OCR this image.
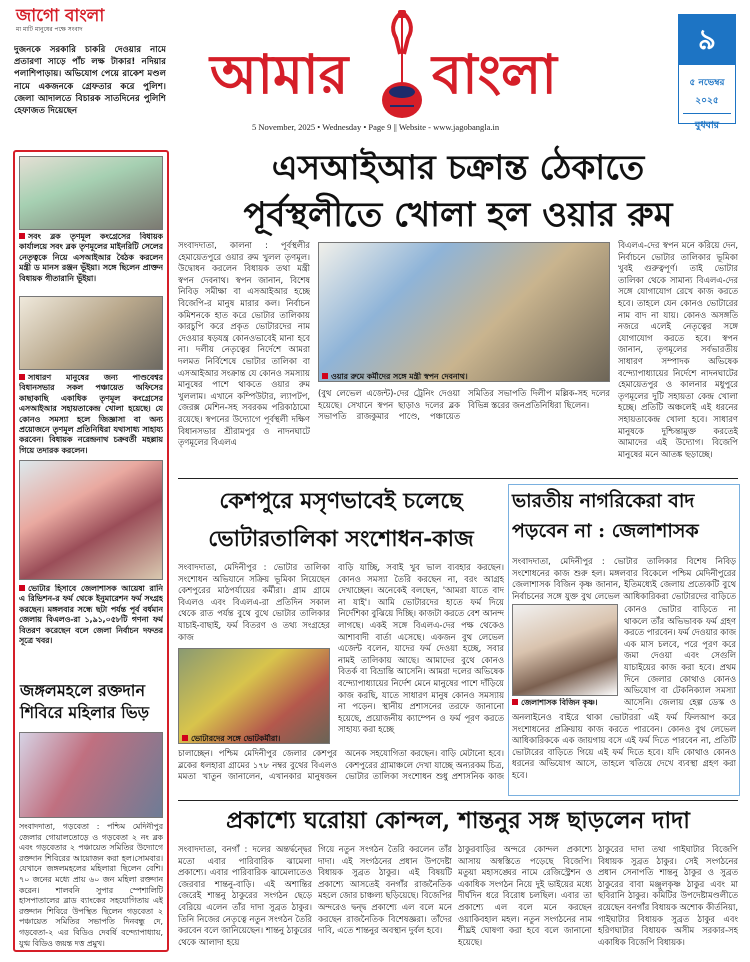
জাগো বাংলা
মা মাটি মানুষের পক্ষে সংবাদ
দুজনকে সরকারি চাকরি দেওয়ার নামে প্রতারণা সাড়ে পাঁচ লক্ষ টাকার! নদিয়ার পলাশিপাড়ায়। অভিযোগ পেয়ে রাকেশ মণ্ডল নামে একজনকে গ্রেফতার করে পুলিশ। জেলা আদালতে বিচারক সাতদিনের পুলিশি হেফাজত দিয়েছেন
আমার বাংলা
5 November, 2025 • Wednesday • Page 9 || Website - www.jagobangla.in
৯
৫ নভেম্বর
২০২৫
বুধবার
সবং ব্লক তৃণমূল কংগ্রেসের বিধায়ক কার্যালয়ে সবং ব্লক তৃণমূলের মাইনরিটি সেলের নেতৃত্বকে নিয়ে এসআইআর বৈঠক করলেন মন্ত্রী ড মানস রঞ্জন ভূঁইয়া। সঙ্গে ছিলেন প্রাক্তন বিধায়ক গীতারানি ভূঁইয়া।
সাধারণ মানুষের জন্য পাণ্ডবেশ্বর বিধানসভার সকল পঞ্চায়েত অফিসের কাছাকাছি একাধিক তৃণমূল কংগ্রেসের এসআইআর সহায়তাকেন্দ্র খোলা হয়েছে। যে কোনও সমস্যা হলে জিজ্ঞাসা বা অন্য প্রয়োজনে তৃণমূল প্রতিনিধিরা যথাসাধ্য সাহায্য করবেন। বিধায়ক নরেন্দ্রনাথ চক্রবর্তী মহল্লায় গিয়ে তদারক করলেন।
ভোটার হিসাবে জেলাশাসক আয়েষা রানি এ রিভিশন-র ফর্ম থেকে ইনুমারেশন ফর্ম সংগ্রহ করছেন। মঙ্গলবার সন্ধে ছটা পর্যন্ত পূর্ব বর্ধমান জেলায় বিএলও-রা ১,৯১,০৫৮টি গণনা ফর্ম বিতরণ করেছেন বলে জেলা নির্বাচন দফতর সূত্রে খবর।
জঙ্গলমহলে রক্তদান শিবিরে মহিলার ভিড়
সংবাদদাতা, গড়বেতা : পশ্চিম মেদিনীপুর জেলার গোয়ালতোড়ে ও গড়বেতা ২ নং ব্লক এবং গড়বেতার ২ পঞ্চায়েত সমিতির উদ্যোগে রক্তদান শিবিরের আয়োজন করা হল।সোমবার। যেখানে জঙ্গলমহলের মহিলারা ছিলেন বেশি। ৭০ জনের মধ্যে প্রায় ৬০ জন মহিলা রক্তদান করেন। শালবনি সুপার স্পেশালিটি হাসপাতালের ব্লাড ব্যাংকের সহযোগিতায় এই রক্তদান শিবিরে উপস্থিত ছিলেন গড়বেতা ২ পঞ্চায়েত সমিতির সভাপতি দিনবন্ধু দে, গড়বেতা-২ এর বিডিও দেবর্ষি বন্দ্যোপাধ্যায়, যুগ্ম বিডিও জয়ন্ত দত্ত প্রমুখ।
এসআইআর চক্রান্ত ঠেকাতে
পূর্বস্থলীতে খোলা হল ওয়ার রুম
সংবাদদাতা, কালনা : পূর্বস্থলীর হেমায়েতপুরে ওয়ার রুম খুলল তৃণমূল। উদ্বোধন করলেন বিধায়ক তথা মন্ত্রী স্বপন দেবনাথ। স্বপন জানান, বিশেষ নিবিড় সমীক্ষা বা এসআইআর হচ্ছে বিজেপি-র মানুষ মারার কল। নির্বাচন কমিশনকে হাত করে ভোটার তালিকায় কারচুপি করে প্রকৃত ভোটারদের নাম দেওয়ার ষড়যন্ত্র কোনওভাবেই মানা হবে না। দলীয় নেতৃত্বের নির্দেশে আমরা দলমত নির্বিশেষে ভোটার তালিকা বা এসআইআর সংক্রান্ত যে কোনও সমস্যায় মানুষের পাশে থাকতে ওয়ার রুম খুললাম। এখানে কম্পিউটার, ল্যাপটপ, জেরক্স মেশিন-সহ সবরকম পরিকাঠামো রয়েছে। স্বপনের উদ্যোগে পূর্বস্থলী দক্ষিণ বিধানসভার শ্রীরামপুর ও নাদনঘাটে তৃণমূলের বিএলএ
ওয়ার রুমে কর্মীদের সঙ্গে মন্ত্রী স্বপন দেবনাথ।
(বুথ লেভেল এজেন্ট)-দের ট্রেনিং দেওয়া হয়েছে। সেখানে স্বপন ছাড়াও দলের ব্লক সভাপতি রাজকুমার পাণ্ডে, পঞ্চায়েত সমিতির সভাপতি দিলীপ মল্লিক-সহ দলের বিভিন্ন স্তরের জনপ্রতিনিধিরা ছিলেন।
বিএলএ-দের স্বপন মনে করিয়ে দেন, নির্বাচনে ভোটার তালিকার ভূমিকা খুবই গুরুত্বপূর্ণ। তাই ভোটার তালিকা থেকে সামান্য বিএলএ-দের সঙ্গে যোগাযোগ রেখে কাজ করতে হবে। তাহলে যেন কোনও ভোটারের নাম বাদ না যায়। কোনও অসঙ্গতি নজরে এলেই নেতৃত্বের সঙ্গে যোগাযোগ করতে হবে। স্বপন জানান, তৃণমূলের সর্বভারতীয় সাধারণ সম্পাদক অভিষেক বন্দ্যোপাধ্যায়ের নির্দেশে নাদনঘাটের হেমায়েতপুর ও কালনার মধুপুরে তৃণমূলের দুটি সহায়তা কেন্দ্র খোলা হচ্ছে। প্রতিটি অঞ্চলেই এই ধরনের সহায়তাকেন্দ্র খোলা হবে। সাধারণ মানুষকে দুশ্চিন্তামুক্ত করতেই আমাদের এই উদ্যোগ। বিজেপি মানুষের মনে আতঙ্ক ছড়াচ্ছে।
কেশপুরে মসৃণভাবেই চলেছে
ভোটারতালিকা সংশোধন-কাজ
সংবাদদাতা, মেদিনীপুর : ভোটার তালিকা সংশোধন অভিযানে সক্রিয় ভূমিকা নিয়েছেন কেশপুরের মাঠপর্যায়ের কর্মীরা। গ্রাম গ্রামে বিএলও এবং বিএলএ-রা প্রতিদিন সকাল থেকে রাত পর্যন্ত বুথে বুথে ভোটার তালিকার যাচাই-বাছাই, ফর্ম বিতরণ ও তথ্য সংগ্রহের কাজ
ভোটারদের সঙ্গে ভোটকর্মীরা।
বাড়ি যাচ্ছি, সবাই খুব ভাল ব্যবহার করছেন। কোনও সমস্যা তৈরি করছেন না, বরং আগ্রহ দেখাচ্ছেন। অনেকেই বলছেন, 'আমরা যাতে বাদ না যাই'। আমি ভোটারদের হাতে ফর্ম দিয়ে নির্দেশিকা বুঝিয়ে দিচ্ছি। কাজটা করতে বেশ আনন্দ লাগছে। একই সঙ্গে বিএলএ-দের পক্ষ থেকেও আশাবাদী বার্তা এসেছে। একজন বুথ লেভেল এজেন্ট বলেন, যাদের ফর্ম দেওয়া হচ্ছে, সবার নামই তালিকায় আছে। আমাদের বুথে কোনও বিতর্ক বা বিভ্রান্তি আসেনি। আমরা দলের অভিষেক বন্দ্যোপাধ্যায়ের নির্দেশ মেনে মানুষের পাশে দাঁড়িয়ে কাজ করছি, যাতে সাধারণ মানুষ কোনও সমস্যায় না পড়েন। স্থানীয় প্রশাসনের তরফে জানানো হয়েছে, প্রয়োজনীয় ক্যাম্পেন ও ফর্ম পূরণ করতে সাহায্য করা হচ্ছে
চালাচ্ছেন। পশ্চিম মেদিনীপুর জেলার কেশপুর ব্লকের ধলহারা গ্রামের ১৭৮ নম্বর বুথের বিএলও মমতা খাতুন জানালেন, এখানকার মানুষজন অনেক সহযোগিতা করছেন। বাড়ি মেটানো হবে। কেশপুরের গ্রামাঞ্চলে দেখা যাচ্ছে অন্যরকম চিত্র, ভোটার তালিকা সংশোধন শুধু প্রশাসনিক কাজ
ভারতীয় নাগরিকেরা বাদ পড়বেন না : জেলাশাসক
সংবাদদাতা, মেদিনীপুর : ভোটার তালিকার বিশেষ নিবিড় সংশোধনের কাজ শুরু হল। মঙ্গলবার বিকেলে পশ্চিম মেদিনীপুরের জেলাশাসক বিজিন কৃষ্ণ জানান, ইতিমধ্যেই জেলায় প্রত্যেকটি বুথে নির্বাচনের সঙ্গে যুক্ত বুথ লেভেল আধিকারিকরা ভোটারদের বাড়িতে
জেলাশাসক বিজিন কৃষ্ণ।
কোনও ভোটার বাড়িতে না থাকলে তাঁর অভিভাবক ফর্ম গ্রহণ করতে পারবেন। ফর্ম দেওয়ার কাজ এক মাস চলবে, পরে পূরণ করে জমা দেওয়া এবং সেগুলি যাচাইয়ের কাজ করা হবে। প্রথম দিনে জেলার কোথাও কোনও অভিযোগ বা টেকনিক্যাল সমস্যা আসেনি। জেলায় হেল্প ডেস্ক ও
অনলাইনেও বাইরে থাকা ভোটাররা এই ফর্ম ফিলআপ করে সংশোধনের প্রক্রিয়ায় কাজ করতে পারবেন। কোনও বুথ লেভেল আধিকারিককে এক জায়গায় বসে এই ফর্ম দিতে পারবেন না, প্রতিটি ভোটারের বাড়িতে গিয়ে এই ফর্ম দিতে হবে। যদি কোথাও কোনও ধরনের অভিযোগ আসে, তাহলে খতিয়ে দেখে ব্যবস্থা গ্রহণ করা হবে।
প্রকাশ্যে ঘরোয়া কোন্দল, শান্তনুর সঙ্গ ছাড়লেন দাদা
সংবাদদাতা, বনগাঁ : দলের অন্তর্দ্বন্দ্বের মতো এবার পারিবারিক ঝামেলা প্রকাশ্যে। এবার পারিবারিক ঝামেলাতেও জেরবার শান্তনু-বাড়ি। এই অশান্তির জেরেই শান্তনু ঠাকুরের সংগঠন ছেড়ে বেরিয়ে এলেন তাঁর দাদা সুব্রত ঠাকুর। তিনি নিজের নেতৃত্বে নতুন সংগঠন তৈরি করবেন বলে জানিয়েছেন। শান্তনু ঠাকুরের থেকে আলাদা হয়ে
গিয়ে নতুন সংগঠন তৈরি করলেন তাঁর দাদা। এই সংগঠনের প্রধান উপদেষ্টা বিধায়ক সুব্রত ঠাকুর। এই বিষয়টি প্রকাশ্যে আসতেই বনগাঁর রাজনৈতিক মহলে জোর চাঞ্চল্য ছড়িয়েছে। বিজেপির অন্দরেও দ্বন্দ্ব প্রকাশ্যে এল বলে মনে করছেন রাজনৈতিক বিশেষজ্ঞরা। তাঁদের দাবি, এতে শান্তনুর অবস্থান দুর্বল হবে।
ঠাকুরবাড়ির অন্দরে কোন্দল প্রকাশ্যে আসায় অস্বস্তিতে পড়েছে বিজেপি। মতুয়া মহাসঙ্ঘের নামে রেজিস্ট্রেশন ও একাধিক সংগঠন নিয়ে দুই ভাইয়ের মধ্যে দীর্ঘদিন ধরে বিরোধ চলছিল। এবার তা প্রকাশ্যে এল বলে মনে করছেন ওয়াকিবহাল মহল। নতুন সংগঠনের নাম শীঘ্রই ঘোষণা করা হবে বলে জানানো হয়েছে।
ঠাকুরের দাদা তথা গাইঘাটার বিজেপি বিধায়ক সুব্রত ঠাকুর। সেই সংগঠনের প্রধান সেনাপতি শান্তনু ঠাকুর ও সুব্রত ঠাকুরের বাবা মঞ্জুলকৃষ্ণ ঠাকুর এবং মা ছবিরানি ঠাকুর। কমিটির উপদেষ্টামণ্ডলীতে রয়েছেন বনগাঁর বিধায়ক অশোক কীর্তনিয়া, গাইঘাটার বিধায়ক সুব্রত ঠাকুর এবং হরিণঘাটার বিধায়ক অসীম সরকার-সহ একাধিক বিজেপি বিধায়ক।
